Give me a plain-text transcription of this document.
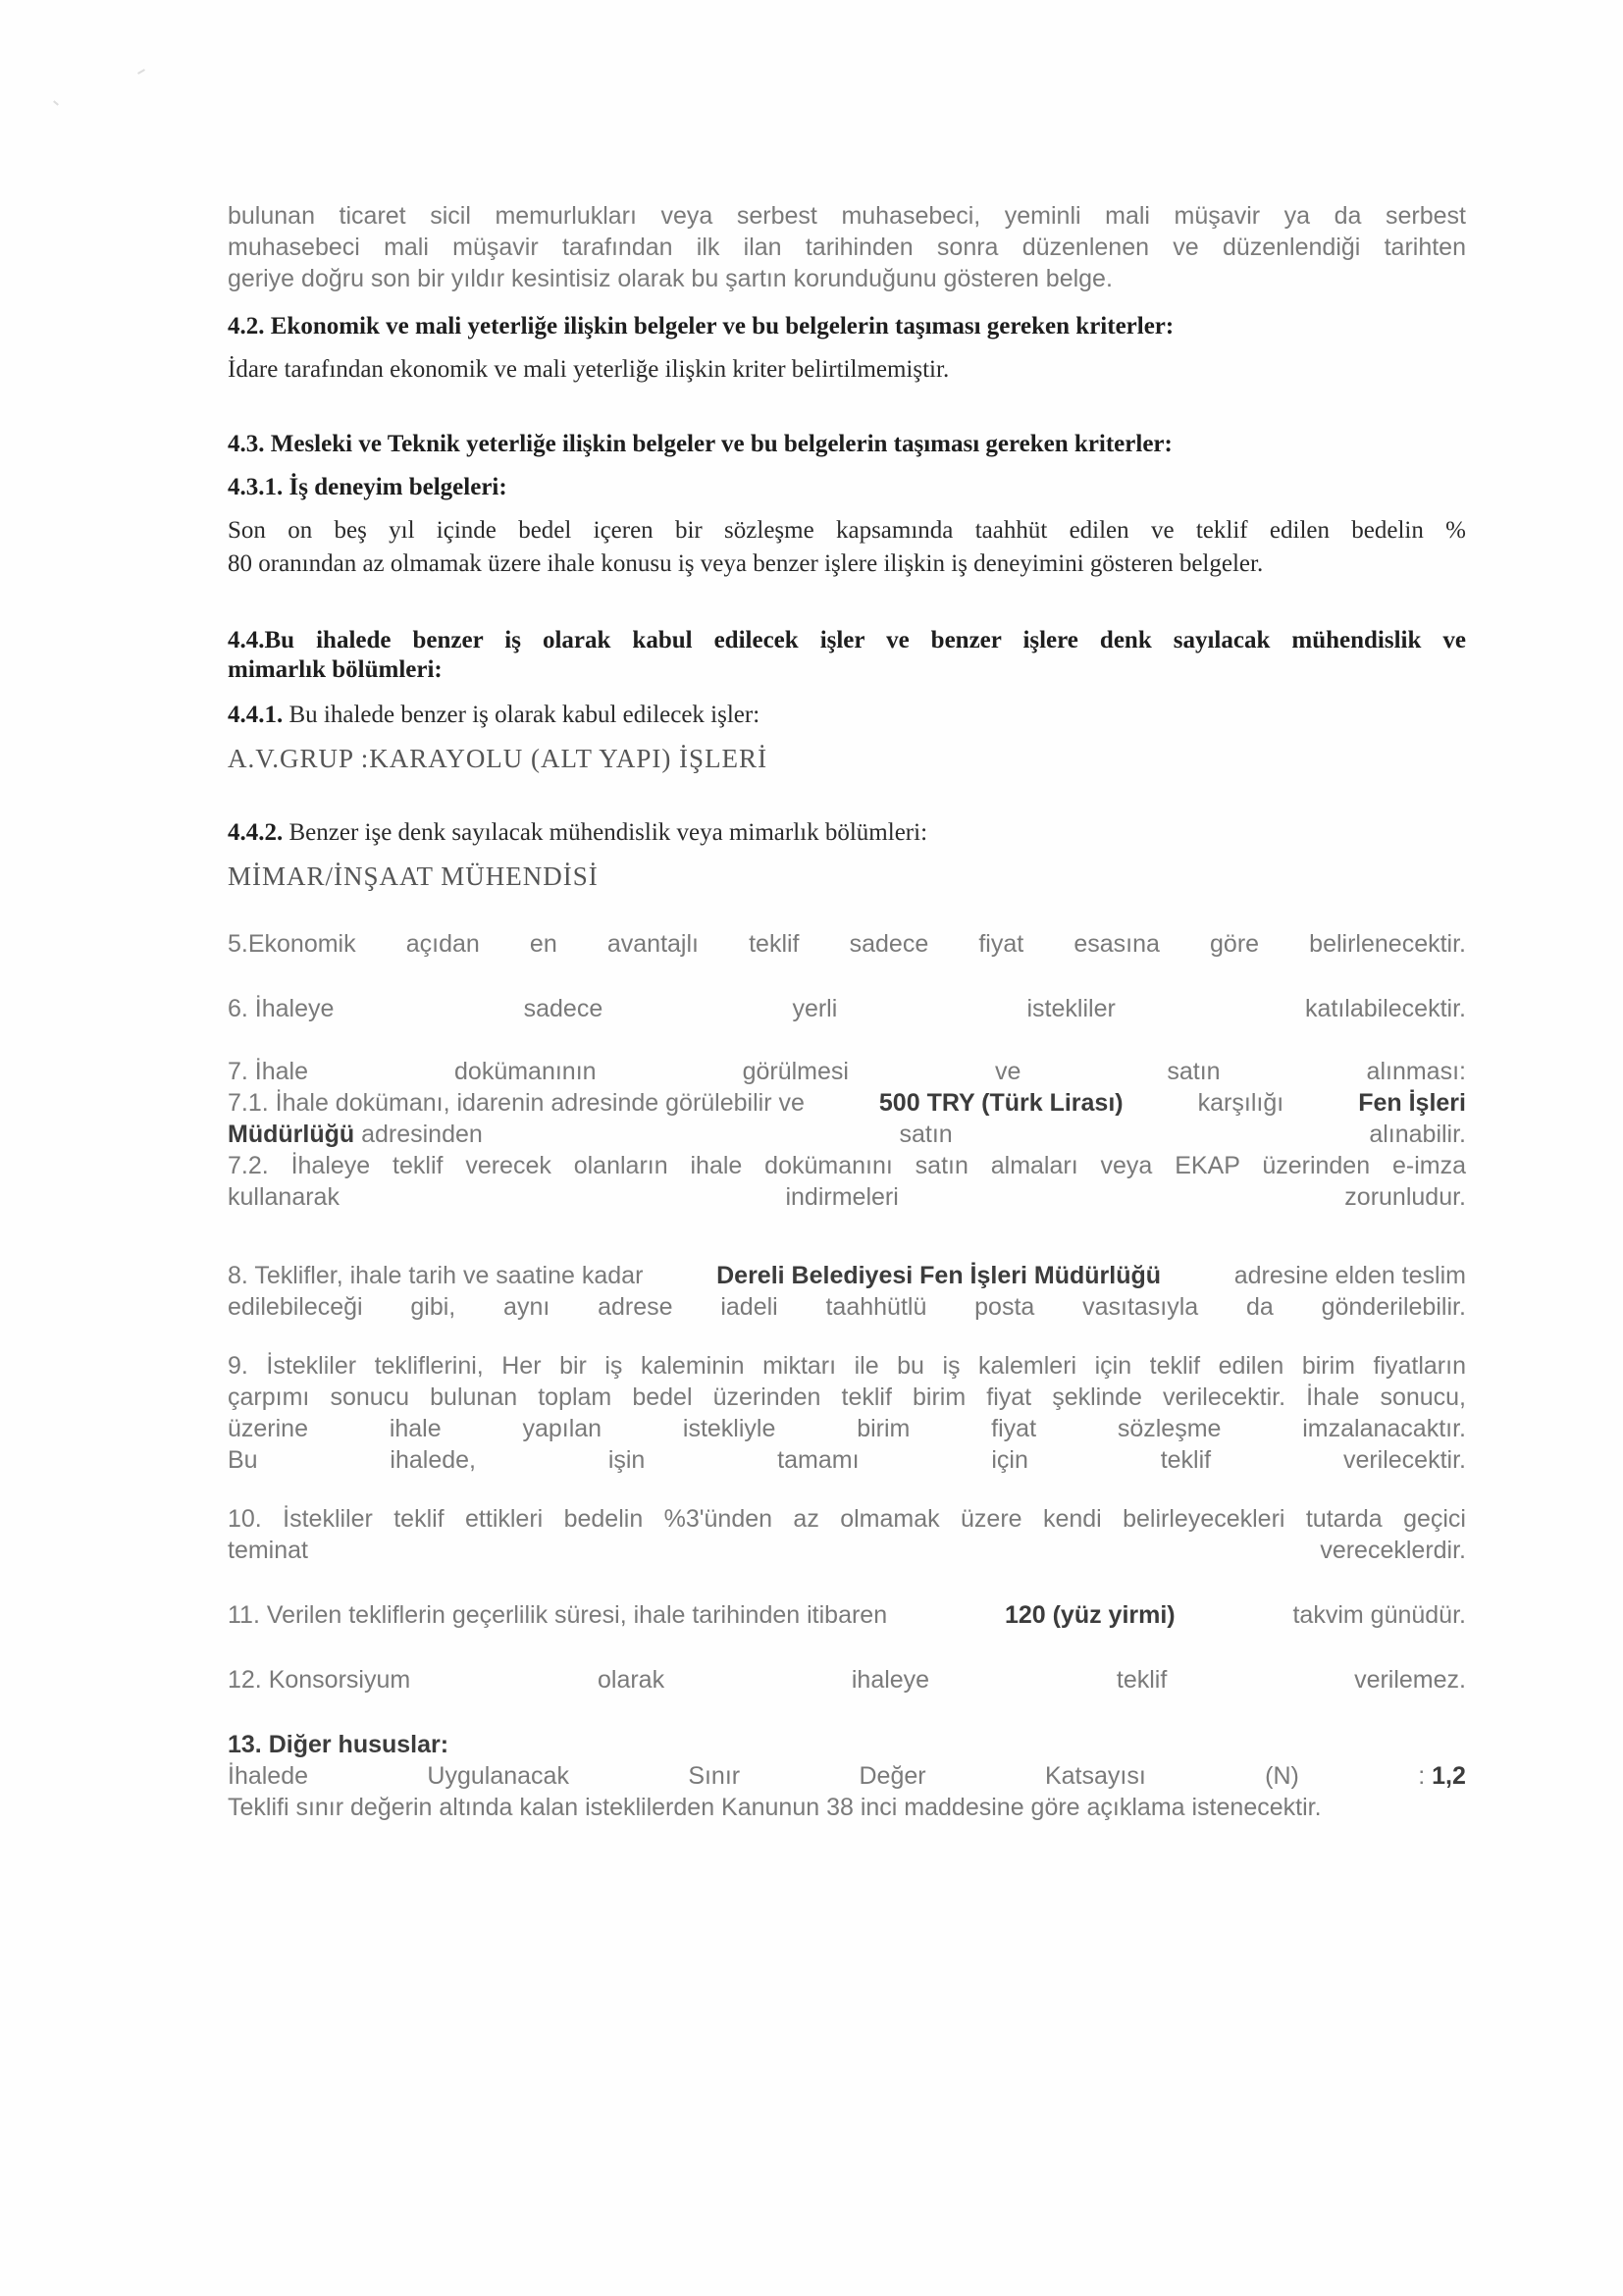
bulunan ticaret sicil memurlukları veya serbest muhasebeci, yeminli mali müşavir ya da serbest
muhasebeci mali müşavir tarafından ilk ilan tarihinden sonra düzenlenen ve düzenlendiği tarihten
geriye doğru son bir yıldır kesintisiz olarak bu şartın korunduğunu gösteren belge.
4.2. Ekonomik ve mali yeterliğe ilişkin belgeler ve bu belgelerin taşıması gereken kriterler:
İdare tarafından ekonomik ve mali yeterliğe ilişkin kriter belirtilmemiştir.
4.3. Mesleki ve Teknik yeterliğe ilişkin belgeler ve bu belgelerin taşıması gereken kriterler:
4.3.1. İş deneyim belgeleri:
Son on beş yıl içinde bedel içeren bir sözleşme kapsamında taahhüt edilen ve teklif edilen bedelin %
80 oranından az olmamak üzere ihale konusu iş veya benzer işlere ilişkin iş deneyimini gösteren belgeler.
4.4.Bu ihalede benzer iş olarak kabul edilecek işler ve benzer işlere denk sayılacak mühendislik ve
mimarlık bölümleri:
4.4.1. Bu ihalede benzer iş olarak kabul edilecek işler:
A.V.GRUP :KARAYOLU (ALT YAPI) İŞLERİ
4.4.2. Benzer işe denk sayılacak mühendislik veya mimarlık bölümleri:
MİMAR/İNŞAAT MÜHENDİSİ
5.Ekonomik açıdan en avantajlı teklif sadece fiyat esasına göre belirlenecektir.
6. İhaleye	sadece	yerli	istekliler	katılabilecektir.
7. İhale	dokümanının	görülmesi	ve	satın	alınması:
7.1. İhale dokümanı, idarenin adresinde görülebilir ve	500 TRY (Türk Lirası)	karşılığı	Fen İşleri
Müdürlüğü adresinden	satın	alınabilir.
7.2. İhaleye teklif verecek olanların ihale dokümanını satın almaları veya EKAP üzerinden e-imza
kullanarak	indirmeleri	zorunludur.
8. Teklifler, ihale tarih ve saatine kadar	Dereli Belediyesi Fen İşleri Müdürlüğü	adresine elden teslim
edilebileceği gibi, aynı adrese iadeli taahhütlü posta vasıtasıyla da gönderilebilir.
9. İstekliler tekliflerini, Her bir iş kaleminin miktarı ile bu iş kalemleri için teklif edilen birim fiyatların
çarpımı sonucu bulunan toplam bedel üzerinden teklif birim fiyat şeklinde verilecektir. İhale sonucu,
üzerine	ihale	yapılan	istekliyle	birim	fiyat	sözleşme	imzalanacaktır.
Bu	ihalede,	işin	tamamı	için	teklif	verilecektir.
10. İstekliler teklif ettikleri bedelin %3'ünden az olmamak üzere kendi belirleyecekleri tutarda geçici
teminat	vereceklerdir.
11. Verilen tekliflerin geçerlilik süresi, ihale tarihinden itibaren	120 (yüz yirmi)	takvim günüdür.
12. Konsorsiyum	olarak	ihaleye	teklif	verilemez.
13. Diğer hususlar:
İhalede	Uygulanacak	Sınır	Değer	Katsayısı	(N)	: 1,2
Teklifi sınır değerin altında kalan isteklilerden Kanunun 38 inci maddesine göre açıklama istenecektir.
